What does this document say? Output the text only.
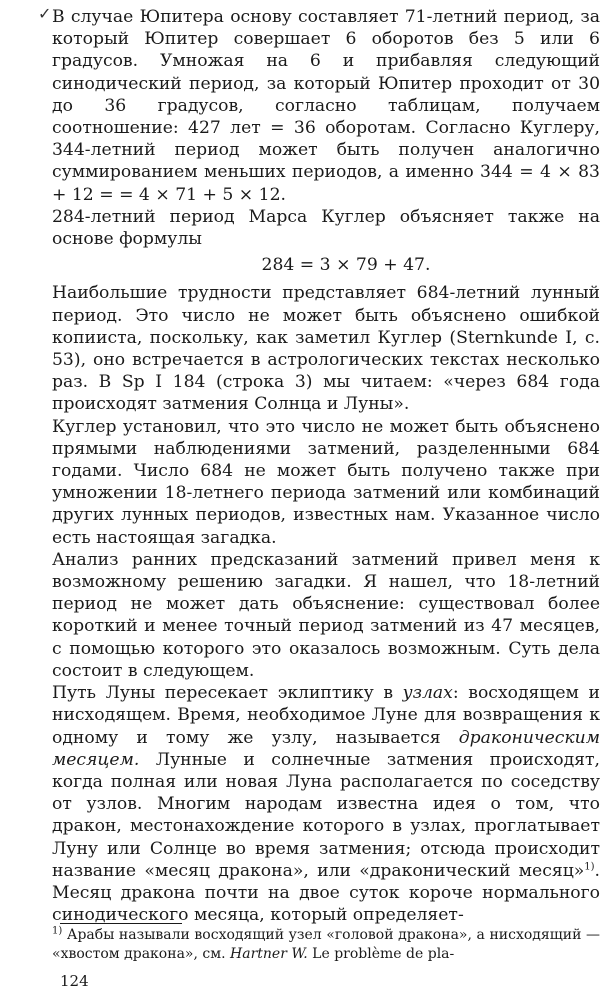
✓ В случае Юпитера основу составляет 71-летний период, за который Юпитер совершает 6 оборотов без 5 или 6 градусов. Умножая на 6 и прибавляя следующий синодический период, за который Юпитер проходит от 30 до 36 градусов, согласно таблицам, получаем соотношение: 427 лет = 36 оборотам. Согласно Куглеру, 344-летний период может быть получен аналогично суммированием меньших периодов, а именно 344 = 4 × 83 + 12 = = 4 × 71 + 5 × 12.

284-летний период Марса Куглер объясняет также на основе формулы

284 = 3 × 79 + 47.

Наибольшие трудности представляет 684-летний лунный период. Это число не может быть объяснено ошибкой копииста, поскольку, как заметил Куглер (Sternkunde I, c. 53), оно встречается в астрологических текстах несколько раз. В Sp I 184 (строка 3) мы читаем: «через 684 года происходят затмения Солнца и Луны».

Куглер установил, что это число не может быть объяснено прямыми наблюдениями затмений, разделенными 684 годами. Число 684 не может быть получено также при умножении 18-летнего периода затмений или комбинаций других лунных периодов, известных нам. Указанное число есть настоящая загадка.

Анализ ранних предсказаний затмений привел меня к возможному решению загадки. Я нашел, что 18-летний период не может дать объяснение: существовал более короткий и менее точный период затмений из 47 месяцев, с помощью которого это оказалось возможным. Суть дела состоит в следующем.

Путь Луны пересекает эклиптику в узлах: восходящем и нисходящем. Время, необходимое Луне для возвращения к одному и тому же узлу, называется драконическим месяцем. Лунные и солнечные затмения происходят, когда полная или новая Луна располагается по соседству от узлов. Многим народам известна идея о том, что дракон, местонахождение которого в узлах, проглатывает Луну или Солнце во время затмения; отсюда происходит название «месяц дракона», или «драконический месяц»$^{1)}$. Месяц дракона почти на двое суток короче нормального синодического месяца, который определяет-

$^{1)}$ Арабы называли восходящий узел «головой дракона», а нисходящий — «хвостом дракона», см. Hartner W. Le problème de pla-
124
